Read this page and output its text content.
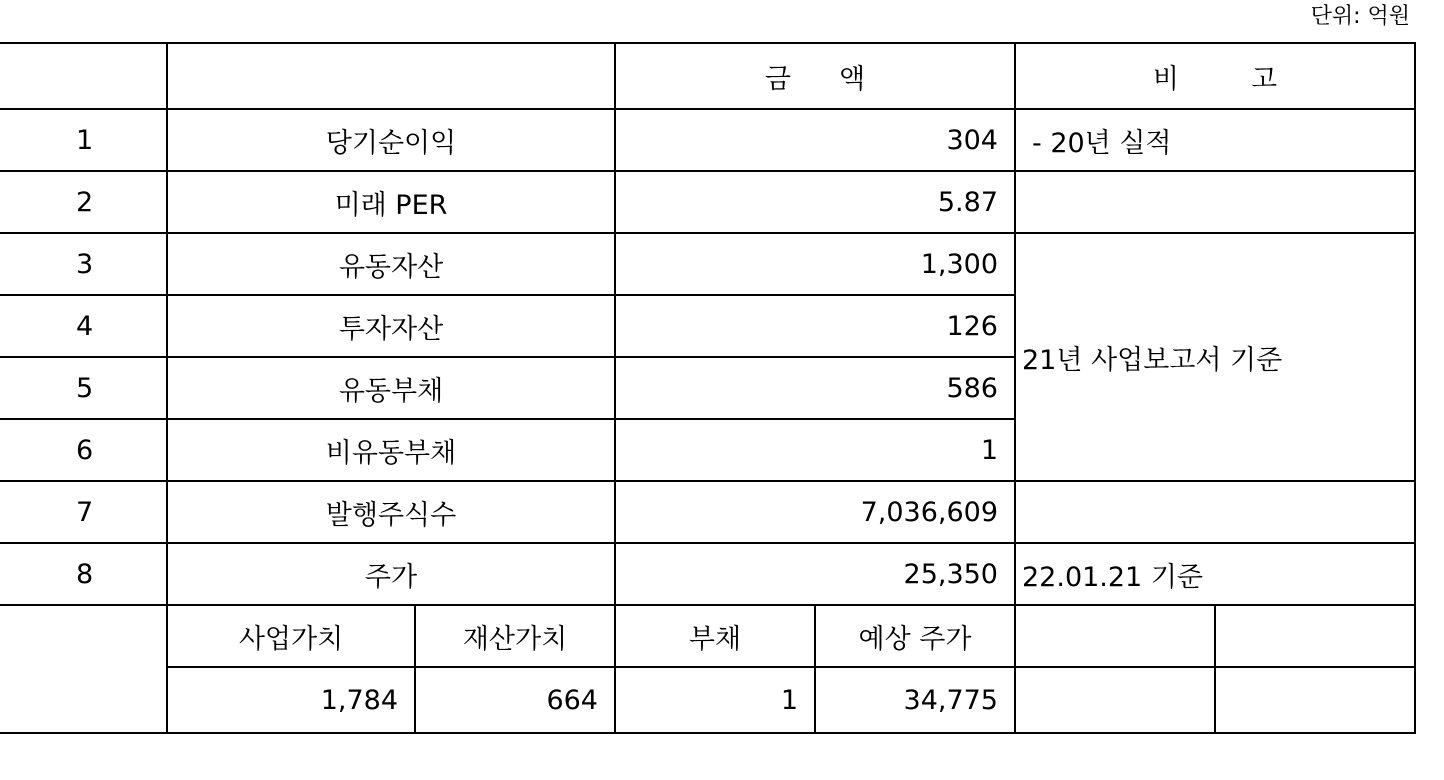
단위: 억원
			금 액		비 고	
1	당기순이익		304		- 20년 실적	
2	미래 PER		5.87			
3	유동자산		1,300		21년 사업보고서 기준	
4	투자자산		126			
5	유동부채		586			
6	비유동부채		1			
7	발행주식수		7,036,609			
8	주가		25,350		22.01.21 기준	
	사업가치	재산가치	부채	예상 주가		
	1,784	664	1	34,775		
